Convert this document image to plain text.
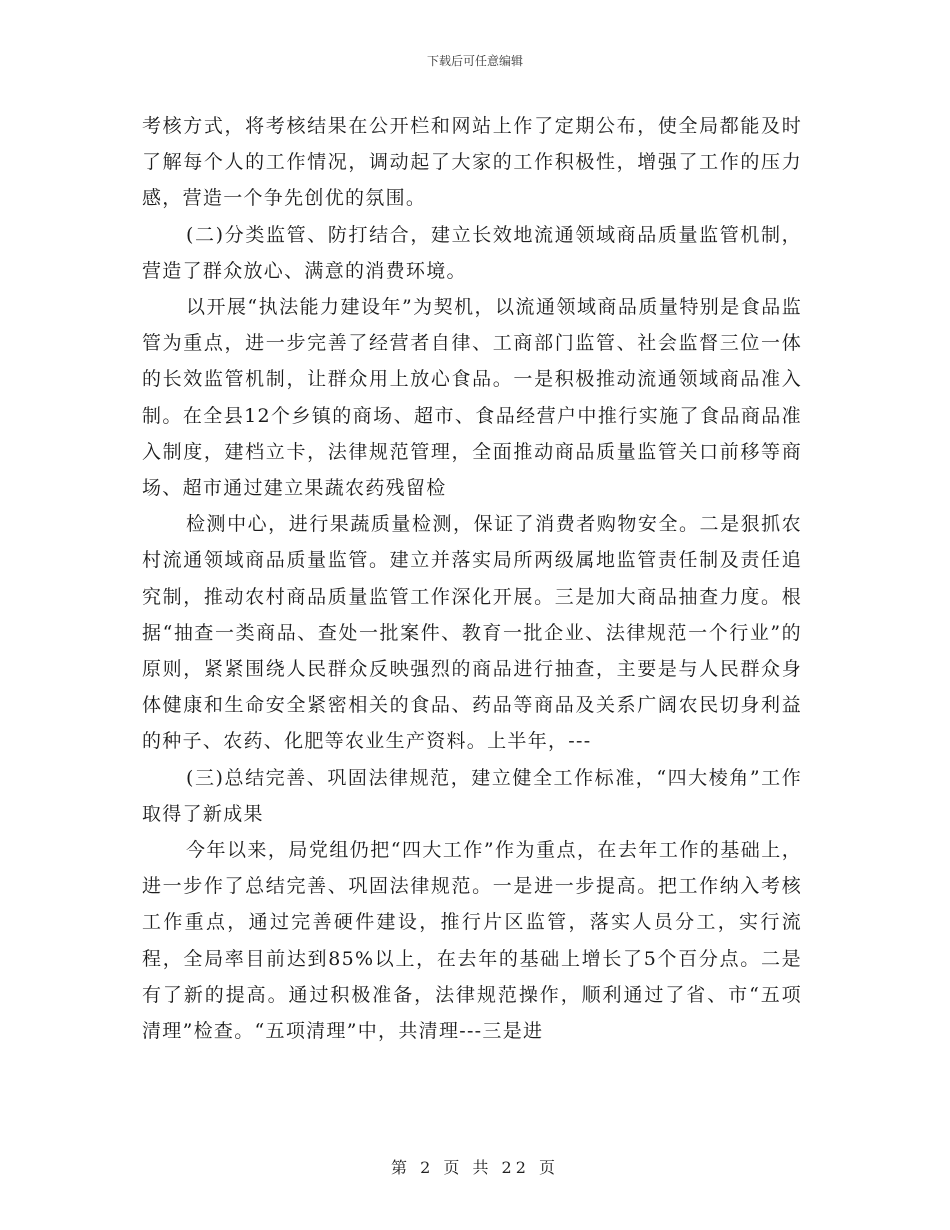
下载后可任意编辑

考核方式，将考核结果在公开栏和网站上作了定期公布，使全局都能及时了解每个人的工作情况，调动起了大家的工作积极性，增强了工作的压力感，营造一个争先创优的氛围。

(二)分类监管、防打结合，建立长效地流通领域商品质量监管机制，营造了群众放心、满意的消费环境。

以开展“执法能力建设年”为契机，以流通领域商品质量特别是食品监管为重点，进一步完善了经营者自律、工商部门监管、社会监督三位一体的长效监管机制，让群众用上放心食品。一是积极推动流通领域商品准入制。在全县12个乡镇的商场、超市、食品经营户中推行实施了食品商品准入制度，建档立卡，法律规范管理，全面推动商品质量监管关口前移等商场、超市通过建立果蔬农药残留检

检测中心，进行果蔬质量检测，保证了消费者购物安全。二是狠抓农村流通领域商品质量监管。建立并落实局所两级属地监管责任制及责任追究制，推动农村商品质量监管工作深化开展。三是加大商品抽查力度。根据“抽查一类商品、查处一批案件、教育一批企业、法律规范一个行业”的原则，紧紧围绕人民群众反映强烈的商品进行抽查，主要是与人民群众身体健康和生命安全紧密相关的食品、药品等商品及关系广阔农民切身利益的种子、农药、化肥等农业生产资料。上半年，---

(三)总结完善、巩固法律规范，建立健全工作标准，“四大棱角”工作取得了新成果

今年以来，局党组仍把“四大工作”作为重点，在去年工作的基础上，进一步作了总结完善、巩固法律规范。一是进一步提高。把工作纳入考核工作重点，通过完善硬件建设，推行片区监管，落实人员分工，实行流程，全局率目前达到85%以上，在去年的基础上增长了5个百分点。二是有了新的提高。通过积极准备，法律规范操作，顺利通过了省、市“五项清理”检查。“五项清理”中，共清理---三是进

第 2 页 共 22 页
